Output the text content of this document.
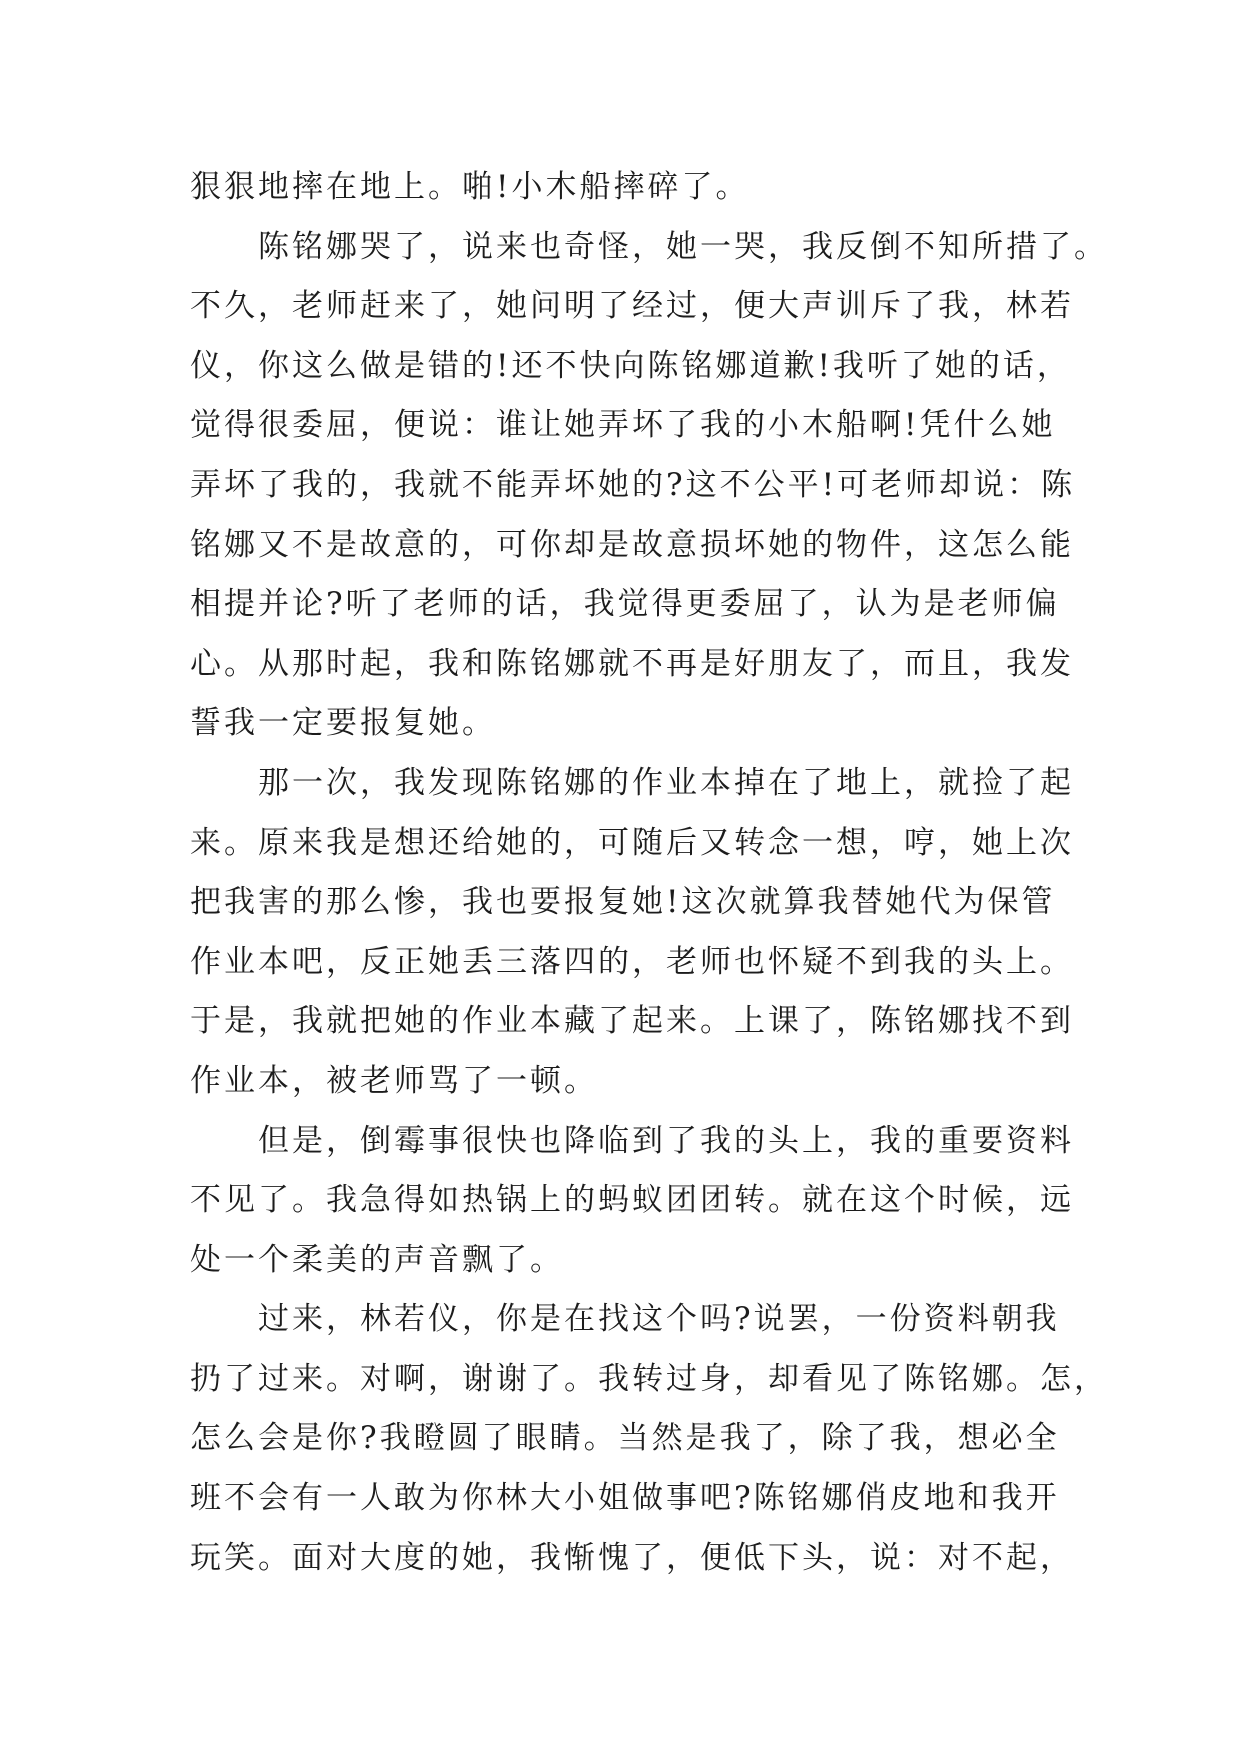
狠狠地摔在地上。啪!小木船摔碎了。
陈铭娜哭了，说来也奇怪，她一哭，我反倒不知所措了。
不久，老师赶来了，她问明了经过，便大声训斥了我，林若
仪，你这么做是错的!还不快向陈铭娜道歉!我听了她的话，
觉得很委屈，便说：谁让她弄坏了我的小木船啊!凭什么她
弄坏了我的，我就不能弄坏她的?这不公平!可老师却说：陈
铭娜又不是故意的，可你却是故意损坏她的物件，这怎么能
相提并论?听了老师的话，我觉得更委屈了，认为是老师偏
心。从那时起，我和陈铭娜就不再是好朋友了，而且，我发
誓我一定要报复她。
那一次，我发现陈铭娜的作业本掉在了地上，就捡了起
来。原来我是想还给她的，可随后又转念一想，哼，她上次
把我害的那么惨，我也要报复她!这次就算我替她代为保管
作业本吧，反正她丢三落四的，老师也怀疑不到我的头上。
于是，我就把她的作业本藏了起来。上课了，陈铭娜找不到
作业本，被老师骂了一顿。
但是，倒霉事很快也降临到了我的头上，我的重要资料
不见了。我急得如热锅上的蚂蚁团团转。就在这个时候，远
处一个柔美的声音飘了。
过来，林若仪，你是在找这个吗?说罢，一份资料朝我
扔了过来。对啊，谢谢了。我转过身，却看见了陈铭娜。怎，
怎么会是你?我瞪圆了眼睛。当然是我了，除了我，想必全
班不会有一人敢为你林大小姐做事吧?陈铭娜俏皮地和我开
玩笑。面对大度的她，我惭愧了，便低下头，说：对不起，
